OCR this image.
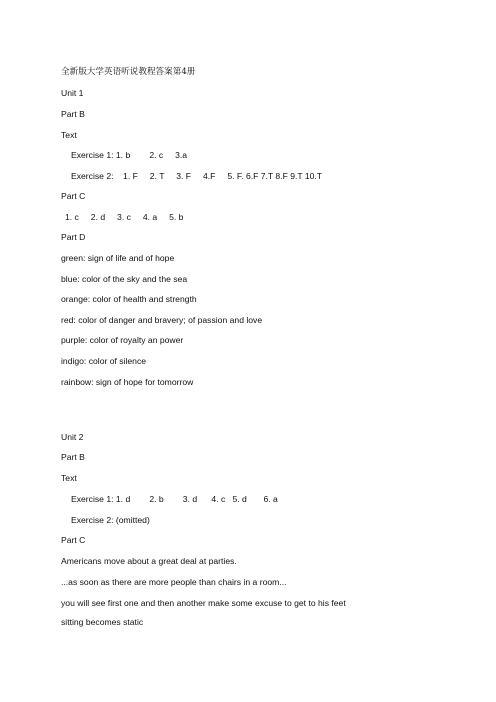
全新版大学英语听说教程答案第4册
Unit 1
Part B
Text
Exercise 1: 1. b        2. c     3.a
Exercise 2:    1. F     2. T     3. F     4.F     5. F. 6.F 7.T 8.F 9.T 10.T
Part C
1. c     2. d     3. c     4. a     5. b
Part D
green: sign of life and of hope
blue: color of the sky and the sea
orange: color of health and strength
red: color of danger and bravery; of passion and love
purple: color of royalty an power
indigo: color of silence
rainbow: sign of hope for tomorrow
Unit 2
Part B
Text
Exercise 1: 1. d        2. b        3. d      4. c   5. d       6. a
Exercise 2: (omitted)
Part C
Americans move about a great deal at parties.
...as soon as there are more people than chairs in a room...
you will see first one and then another make some excuse to get to his feet
sitting becomes static
